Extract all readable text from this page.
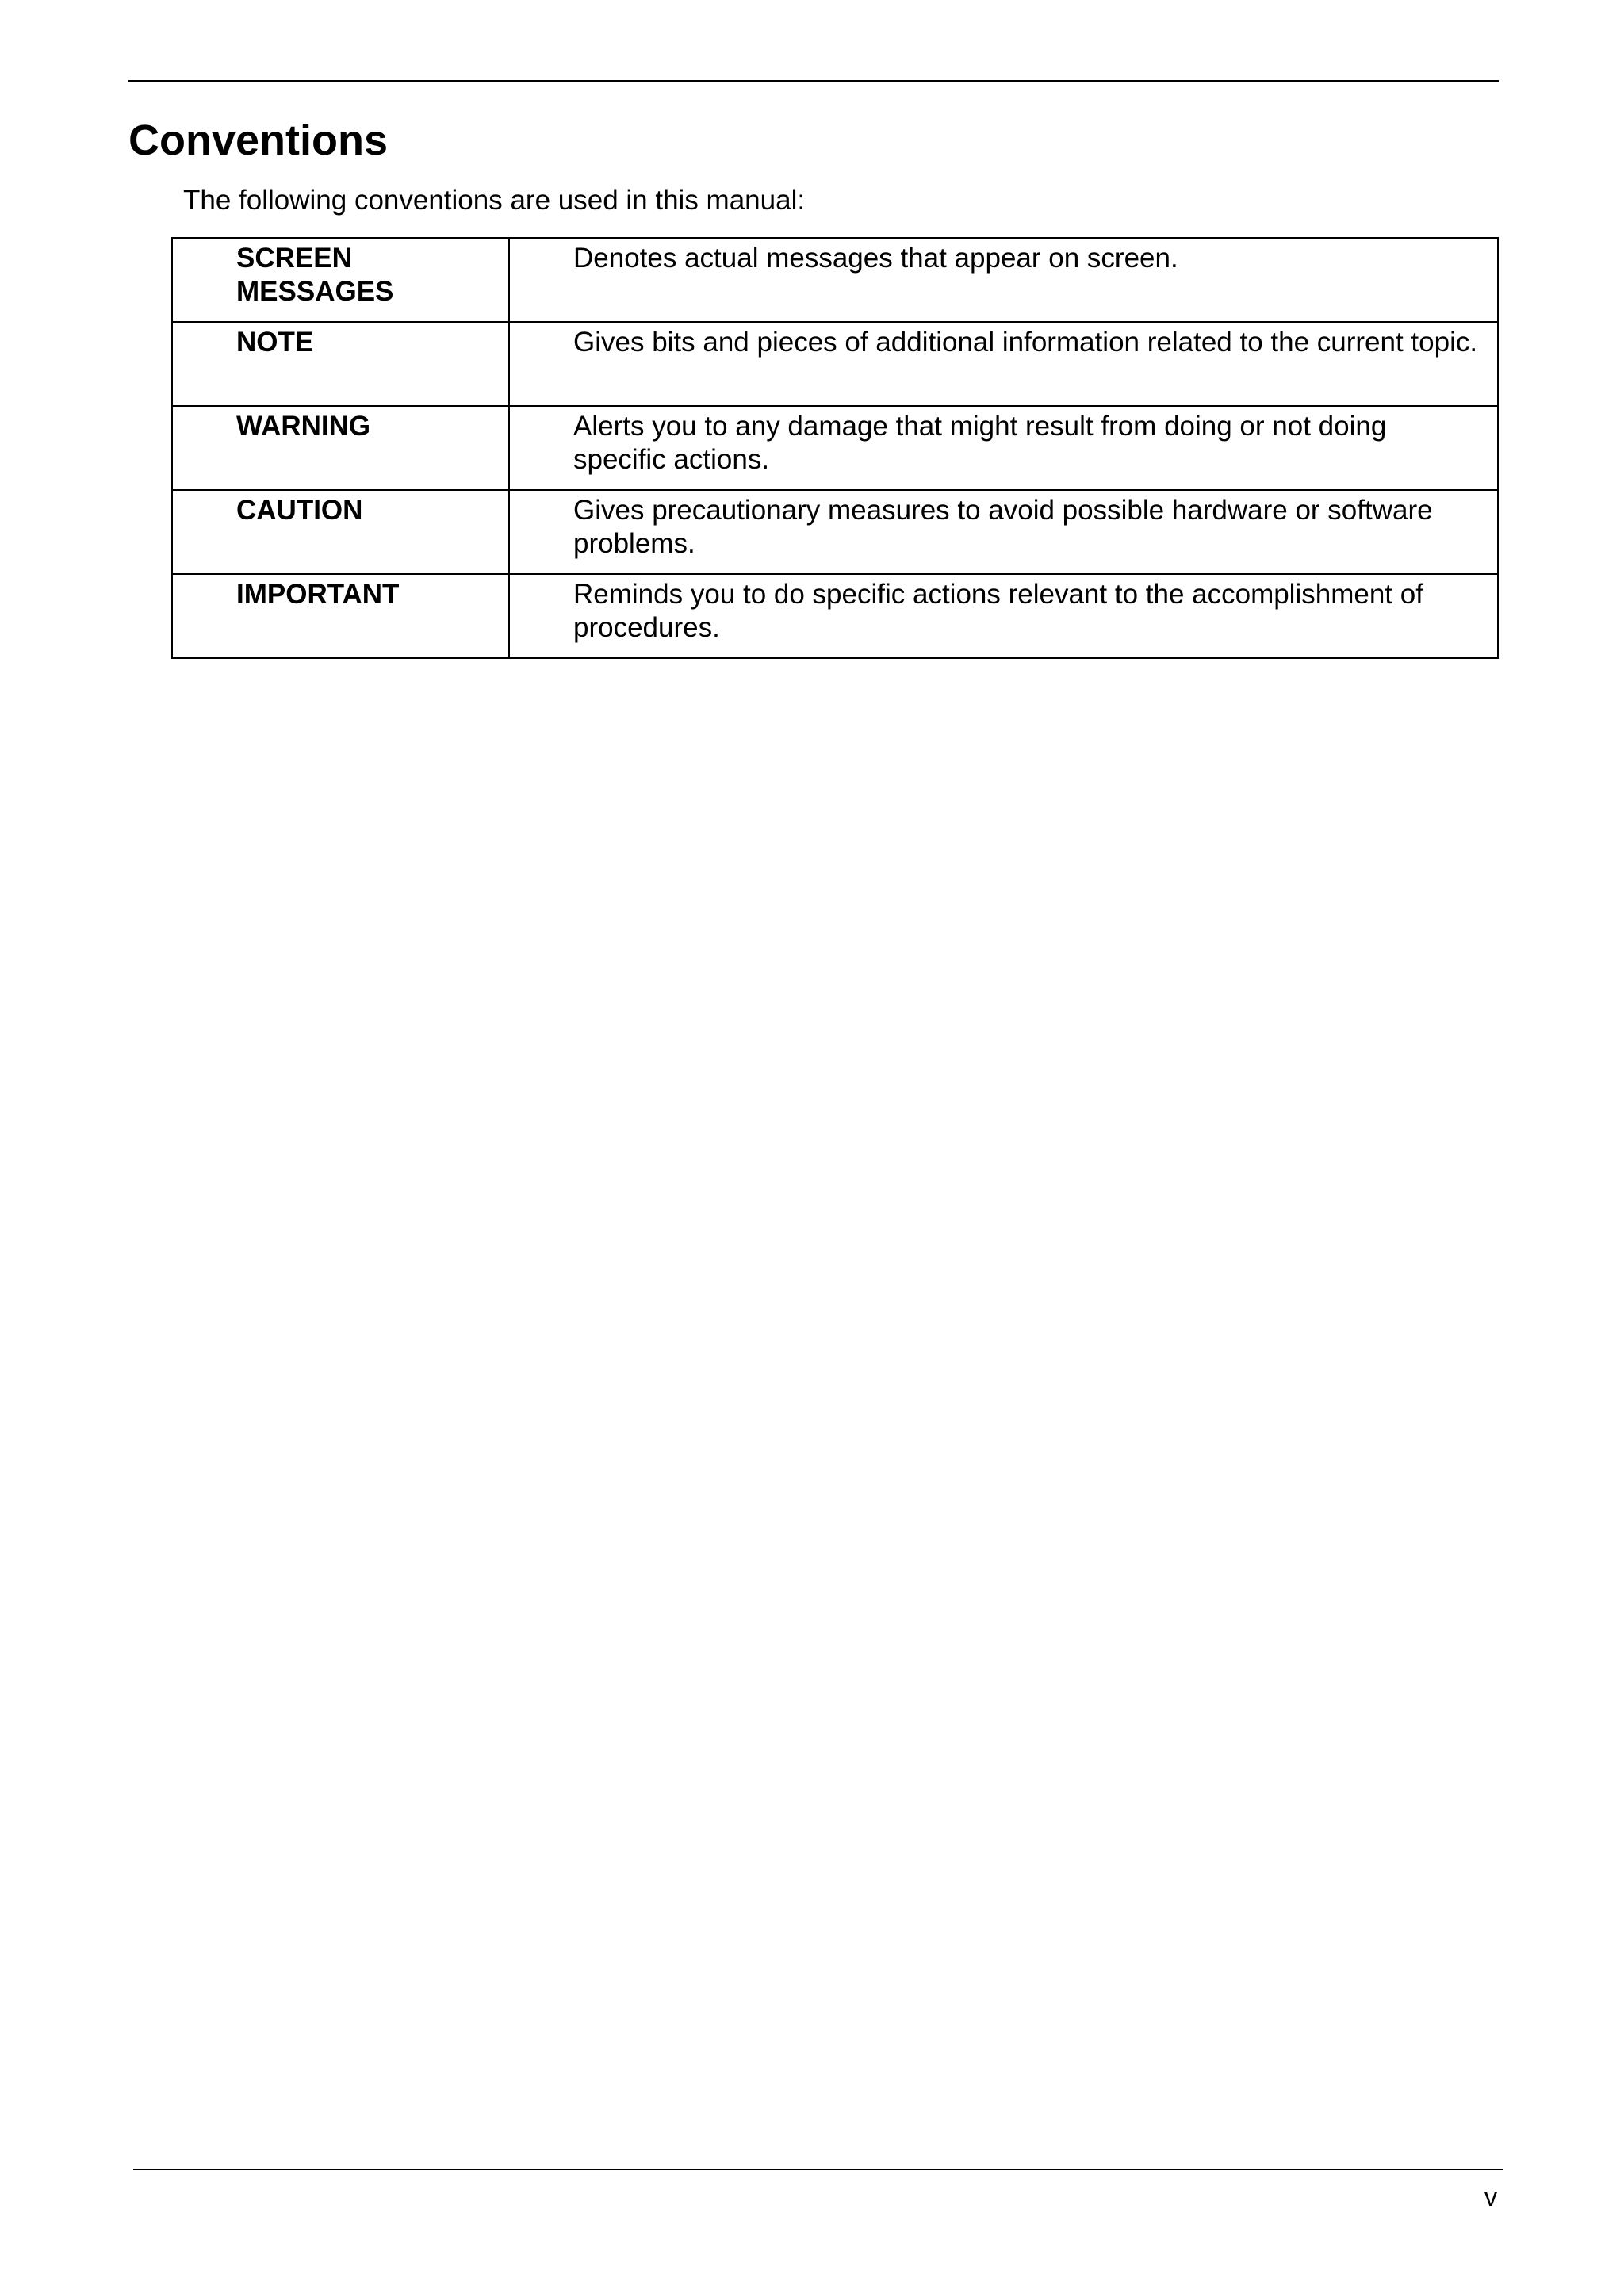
Conventions

The following conventions are used in this manual:

SCREEN MESSAGES	Denotes actual messages that appear on screen.
NOTE	Gives bits and pieces of additional information related to the current topic.
WARNING	Alerts you to any damage that might result from doing or not doing specific actions.
CAUTION	Gives precautionary measures to avoid possible hardware or software problems.
IMPORTANT	Reminds you to do specific actions relevant to the accomplishment of procedures.
v
